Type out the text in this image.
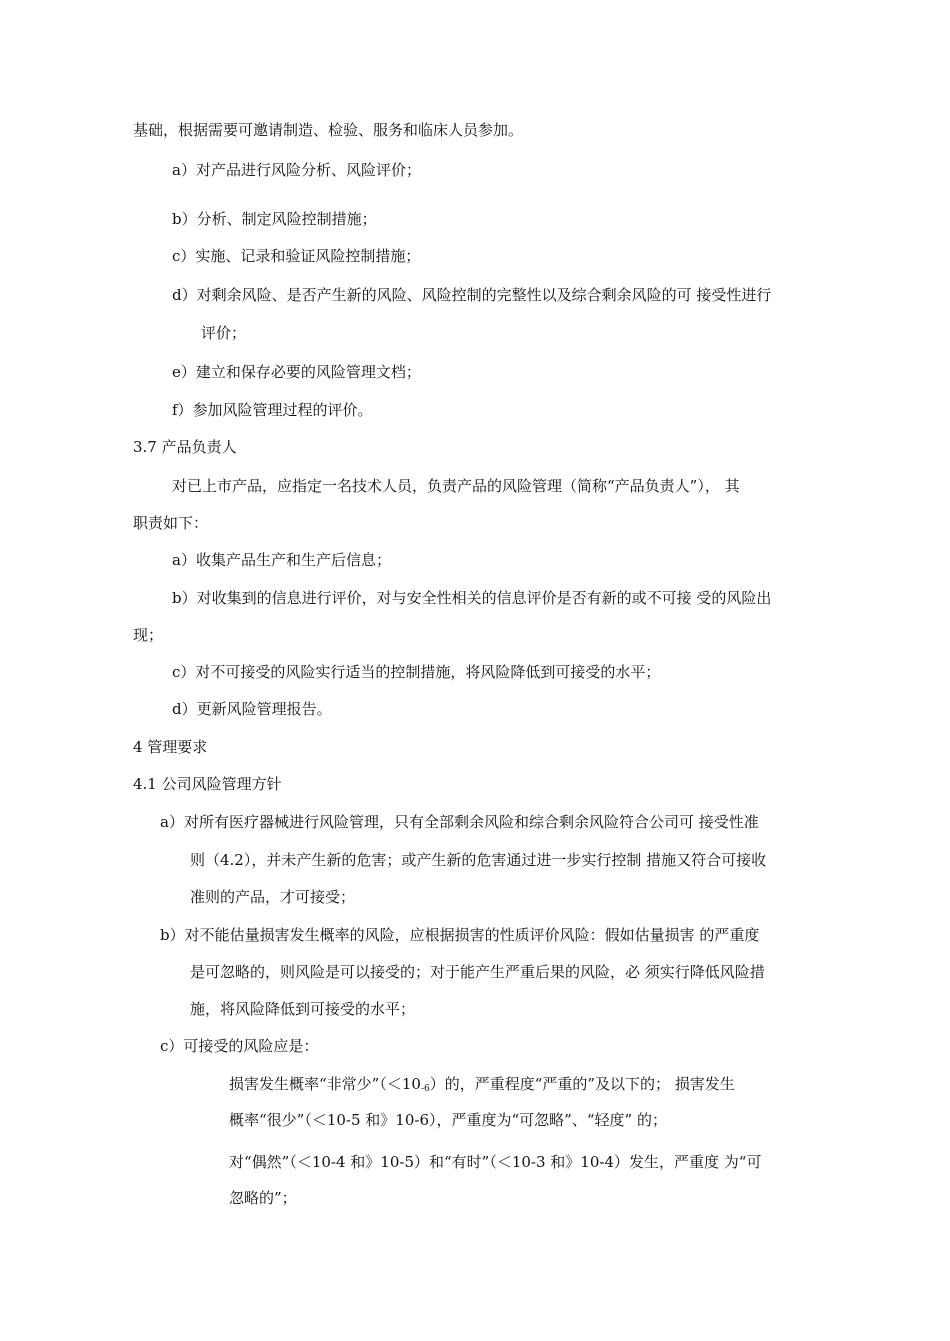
基础，根据需要可邀请制造、检验、服务和临床人员参加。
a）对产品进行风险分析、风险评价；
b）分析、制定风险控制措施；
c）实施、记录和验证风险控制措施；
d）对剩余风险、是否产生新的风险、风险控制的完整性以及综合剩余风险的可 接受性进行
评价；
e）建立和保存必要的风险管理文档；
f）参加风险管理过程的评价。
3.7 产品负责人
对已上市产品，应指定一名技术人员，负责产品的风险管理（简称“产品负责人”）， 其
职责如下：
a）收集产品生产和生产后信息；
b）对收集到的信息进行评价，对与安全性相关的信息评价是否有新的或不可接 受的风险出
现；
c）对不可接受的风险实行适当的控制措施，将风险降低到可接受的水平；
d）更新风险管理报告。
4 管理要求
4.1 公司风险管理方针
a）对所有医疗器械进行风险管理，只有全部剩余风险和综合剩余风险符合公司可 接受性准
则（4.2），并未产生新的危害；或产生新的危害通过进一步实行控制 措施又符合可接收
准则的产品，才可接受；
b）对不能估量损害发生概率的风险，应根据损害的性质评价风险：假如估量损害 的严重度
是可忽略的，则风险是可以接受的；对于能产生严重后果的风险，必 须实行降低风险措
施，将风险降低到可接受的水平；
c）可接受的风险应是：
损害发生概率“非常少$”(<10_{-6})$的，严重程度“严重的”及以下的； 损害发生
概率“很少”（＜10-5 和》10-6），严重度为“可忽略”、“轻度” 的；
对“偶然”（＜10-4 和》10-5）和“有时”（＜10-3 和》10-4）发生，严重度 为“可
忽略的”；
